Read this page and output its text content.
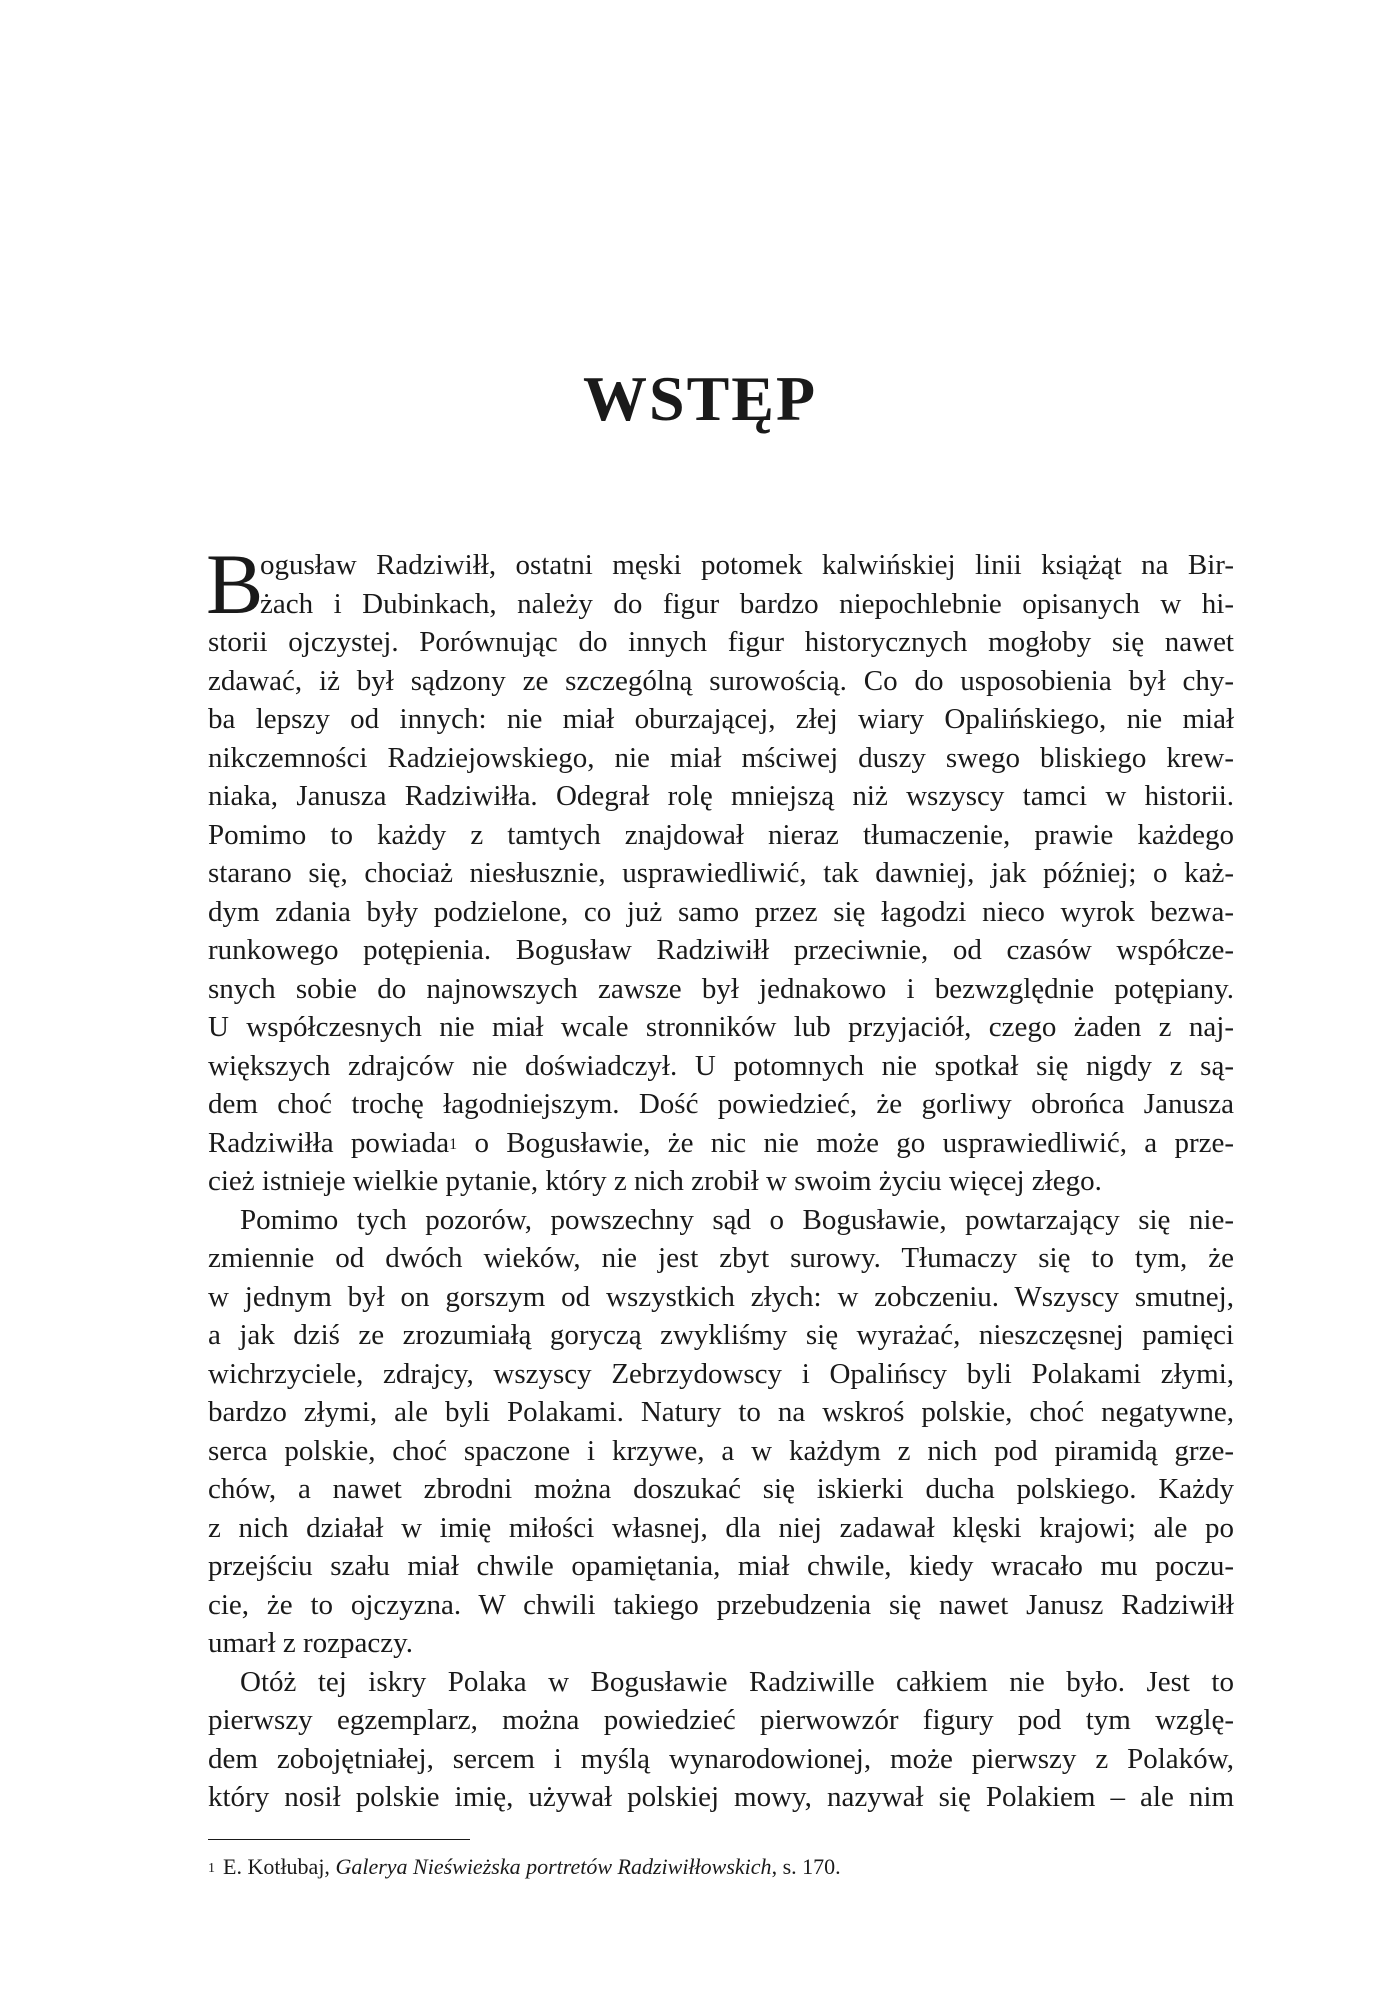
WSTĘP
B
ogusław Radziwiłł, ostatni męski potomek kalwińskiej linii książąt na Bir-
żach i Dubinkach, należy do figur bardzo niepochlebnie opisanych w hi-
storii ojczystej. Porównując do innych figur historycznych mogłoby się nawet
zdawać, iż był sądzony ze szczególną surowością. Co do usposobienia był chy-
ba lepszy od innych: nie miał oburzającej, złej wiary Opalińskiego, nie miał
nikczemności Radziejowskiego, nie miał mściwej duszy swego bliskiego krew-
niaka, Janusza Radziwiłła. Odegrał rolę mniejszą niż wszyscy tamci w historii.
Pomimo to każdy z tamtych znajdował nieraz tłumaczenie, prawie każdego
starano się, chociaż niesłusznie, usprawiedliwić, tak dawniej, jak później; o każ-
dym zdania były podzielone, co już samo przez się łagodzi nieco wyrok bezwa-
runkowego potępienia. Bogusław Radziwiłł przeciwnie, od czasów współcze-
snych sobie do najnowszych zawsze był jednakowo i bezwzględnie potępiany.
U współczesnych nie miał wcale stronników lub przyjaciół, czego żaden z naj-
większych zdrajców nie doświadczył. U potomnych nie spotkał się nigdy z są-
dem choć trochę łagodniejszym. Dość powiedzieć, że gorliwy obrońca Janusza
Radziwiłła powiada$^1$ o Bogusławie, że nic nie może go usprawiedliwić, a prze-
cież istnieje wielkie pytanie, który z nich zrobił w swoim życiu więcej złego.
Pomimo tych pozorów, powszechny sąd o Bogusławie, powtarzający się nie-
zmiennie od dwóch wieków, nie jest zbyt surowy. Tłumaczy się to tym, że
w jednym był on gorszym od wszystkich złych: w zobczeniu. Wszyscy smutnej,
a jak dziś ze zrozumiałą goryczą zwykliśmy się wyrażać, nieszczęsnej pamięci
wichrzyciele, zdrajcy, wszyscy Zebrzydowscy i Opalińscy byli Polakami złymi,
bardzo złymi, ale byli Polakami. Natury to na wskroś polskie, choć negatywne,
serca polskie, choć spaczone i krzywe, a w każdym z nich pod piramidą grze-
chów, a nawet zbrodni można doszukać się iskierki ducha polskiego. Każdy
z nich działał w imię miłości własnej, dla niej zadawał klęski krajowi; ale po
przejściu szału miał chwile opamiętania, miał chwile, kiedy wracało mu poczu-
cie, że to ojczyzna. W chwili takiego przebudzenia się nawet Janusz Radziwiłł
umarł z rozpaczy.
Otóż tej iskry Polaka w Bogusławie Radziwille całkiem nie było. Jest to
pierwszy egzemplarz, można powiedzieć pierwowzór figury pod tym wzglę-
dem zobojętniałej, sercem i myślą wynarodowionej, może pierwszy z Polaków,
który nosił polskie imię, używał polskiej mowy, nazywał się Polakiem – ale nim
$^1$ E. Kotłubaj, Galerya Nieświeżska portretów Radziwiłłowskich, s. 170.
